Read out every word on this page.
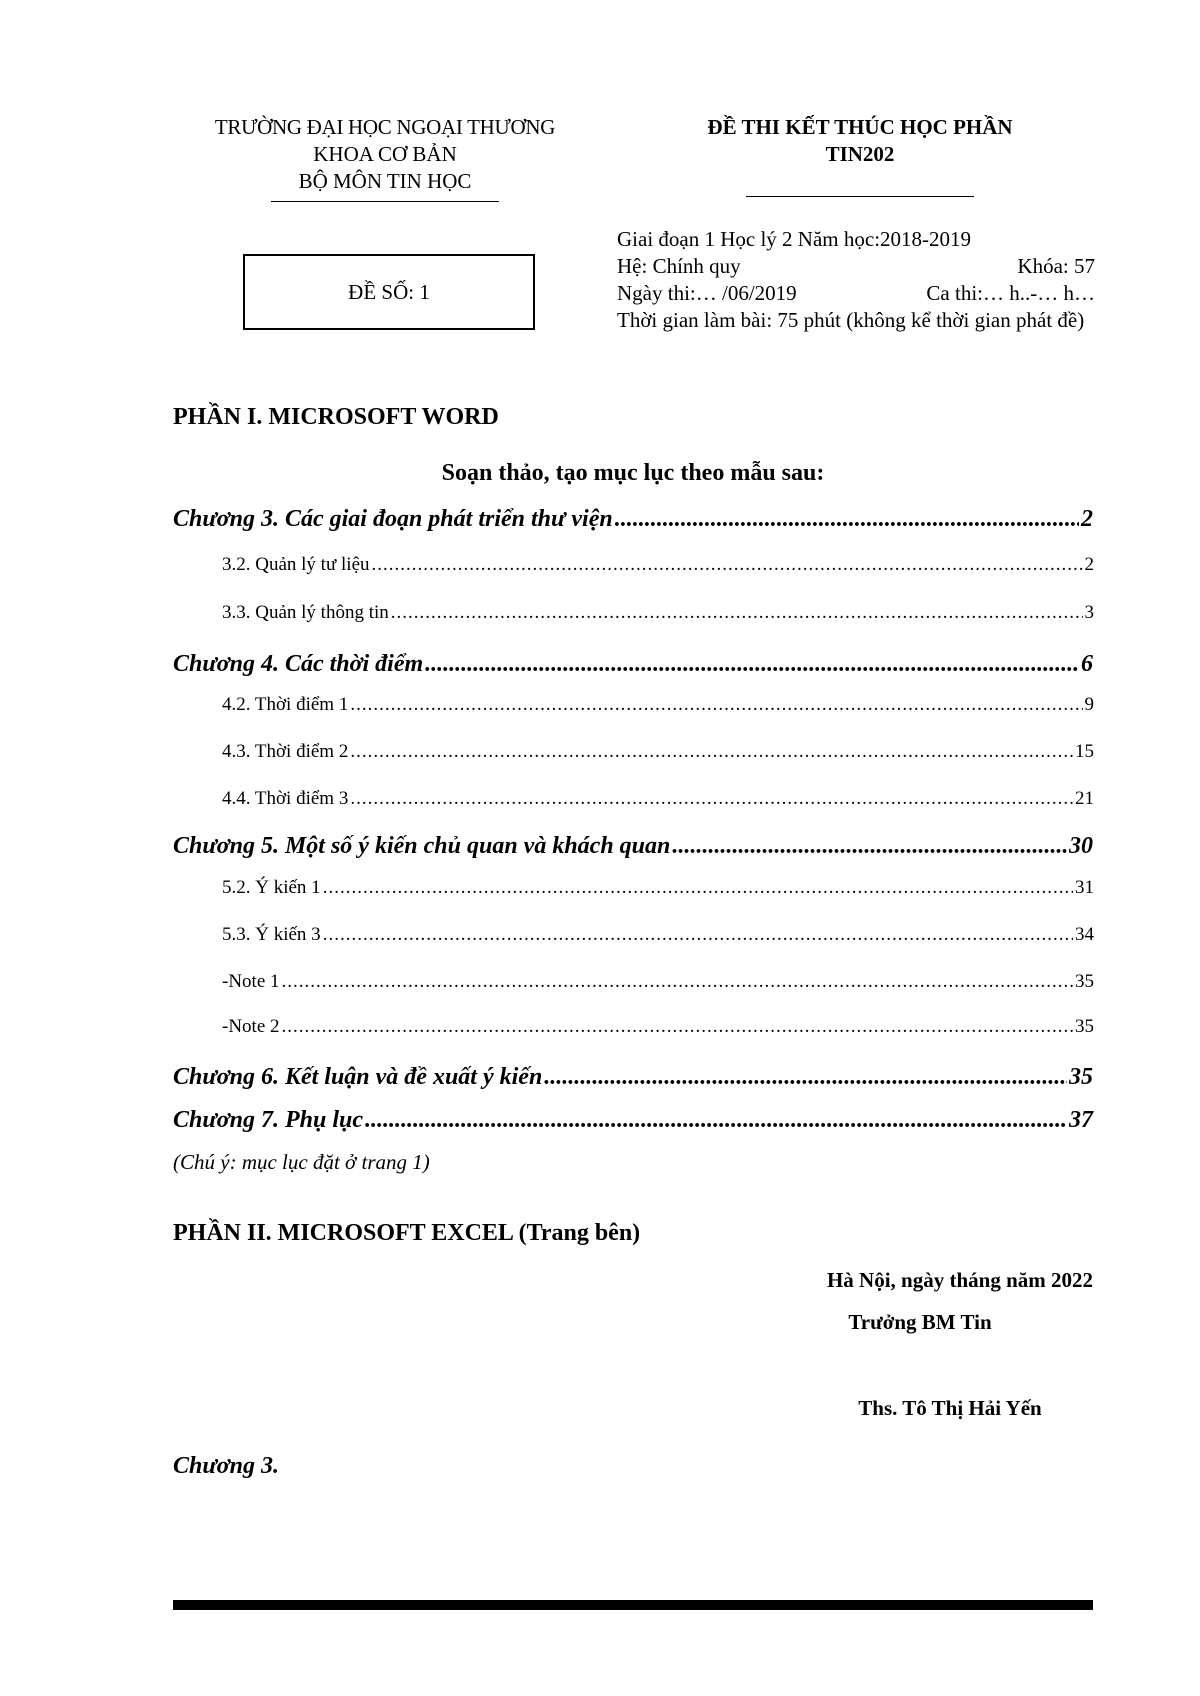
TRƯỜNG ĐẠI HỌC NGOẠI THƯƠNG
KHOA CƠ BẢN
BỘ MÔN TIN HỌC
ĐỀ THI KẾT THÚC HỌC PHẦN
TIN202
ĐỀ SỐ: 1
Giai đoạn 1 Học lý 2 Năm học:2018-2019
Hệ: Chính quy	Khóa: 57
Ngày thi:… /06/2019	Ca thi:… h..-… h…
Thời gian làm bài: 75 phút (không kể thời gian phát đề)
PHẦN I. MICROSOFT WORD
Soạn thảo, tạo mục lục theo mẫu sau:
Chương 3. Các giai đoạn phát triển thư viện .....	2
3.2. Quản lý tư liệu .....	2
3.3. Quản lý thông tin .....	3
Chương 4. Các thời điểm .....	6
4.2. Thời điểm 1 .....	9
4.3. Thời điểm 2 .....	15
4.4. Thời điểm 3 .....	21
Chương 5. Một số ý kiến chủ quan và khách quan .....	30
5.2. Ý kiến 1 .....	31
5.3. Ý kiến 3 .....	34
-Note 1 .....	35
-Note 2 .....	35
Chương 6. Kết luận và đề xuất ý kiến .....	35
Chương 7. Phụ lục .....	37
(Chú ý: mục lục đặt ở trang 1)
PHẦN II. MICROSOFT EXCEL (Trang bên)
Hà Nội, ngày tháng năm 2022
Trưởng BM Tin
Ths. Tô Thị Hải Yến
Chương 3.
